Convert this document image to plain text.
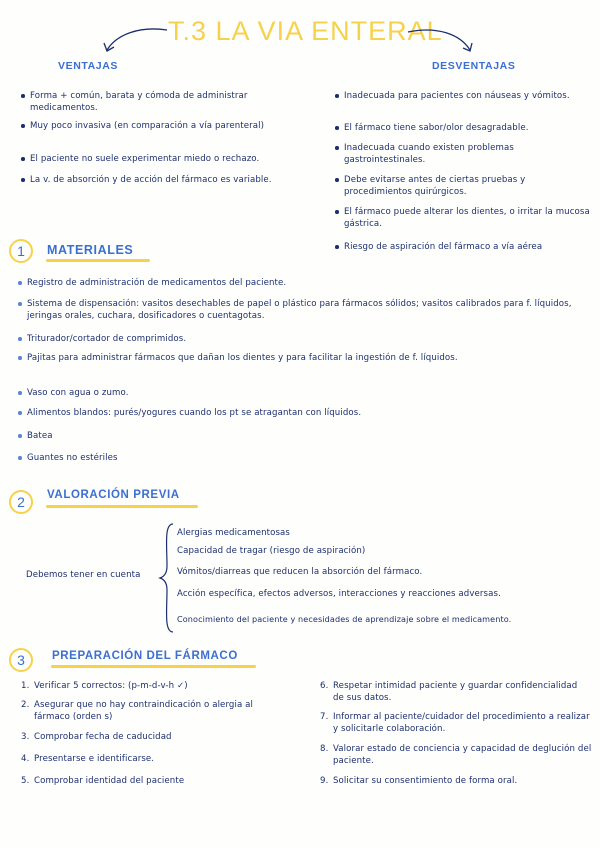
T.3 LA VIA ENTERAL
VENTAJAS	DESVENTAJAS
Forma + común, barata y cómoda de administrar medicamentos.
Muy poco invasiva (en comparación a vía parenteral)
El paciente no suele experimentar miedo o rechazo.
La v. de absorción y de acción del fármaco es variable.
Inadecuada para pacientes con náuseas y vómitos.
El fármaco tiene sabor/olor desagradable.
Inadecuada cuando existen problemas gastrointestinales.
Debe evitarse antes de ciertas pruebas y procedimientos quirúrgicos.
El fármaco puede alterar los dientes, o irritar la mucosa gástrica.
Riesgo de aspiración del fármaco a vía aérea
1	MATERIALES
Registro de administración de medicamentos del paciente.
Sistema de dispensación: vasitos desechables de papel o plástico para fármacos sólidos; vasitos calibrados para f. líquidos, jeringas orales, cuchara, dosificadores o cuentagotas.
Triturador/cortador de comprimidos.
Pajitas para administrar fármacos que dañan los dientes y para facilitar la ingestión de f. líquidos.
Vaso con agua o zumo.
Alimentos blandos: purés/yogures cuando los pt se atragantan con líquidos.
Batea
Guantes no estériles
2	VALORACIÓN PREVIA
Debemos tener en cuenta
Alergias medicamentosas
Capacidad de tragar (riesgo de aspiración)
Vómitos/diarreas que reducen la absorción del fármaco.
Acción específica, efectos adversos, interacciones y reacciones adversas.
Conocimiento del paciente y necesidades de aprendizaje sobre el medicamento.
3	PREPARACIÓN DEL FÁRMACO
1. Verificar 5 correctos: (p-m-d-v-h ✓)
2. Asegurar que no hay contraindicación o alergia al fármaco (orden s)
3. Comprobar fecha de caducidad
4. Presentarse e identificarse.
5. Comprobar identidad del paciente
6. Respetar intimidad paciente y guardar confidencialidad de sus datos.
7. Informar al paciente/cuidador del procedimiento a realizar y solicitarle colaboración.
8. Valorar estado de conciencia y capacidad de deglución del paciente.
9. Solicitar su consentimiento de forma oral.
